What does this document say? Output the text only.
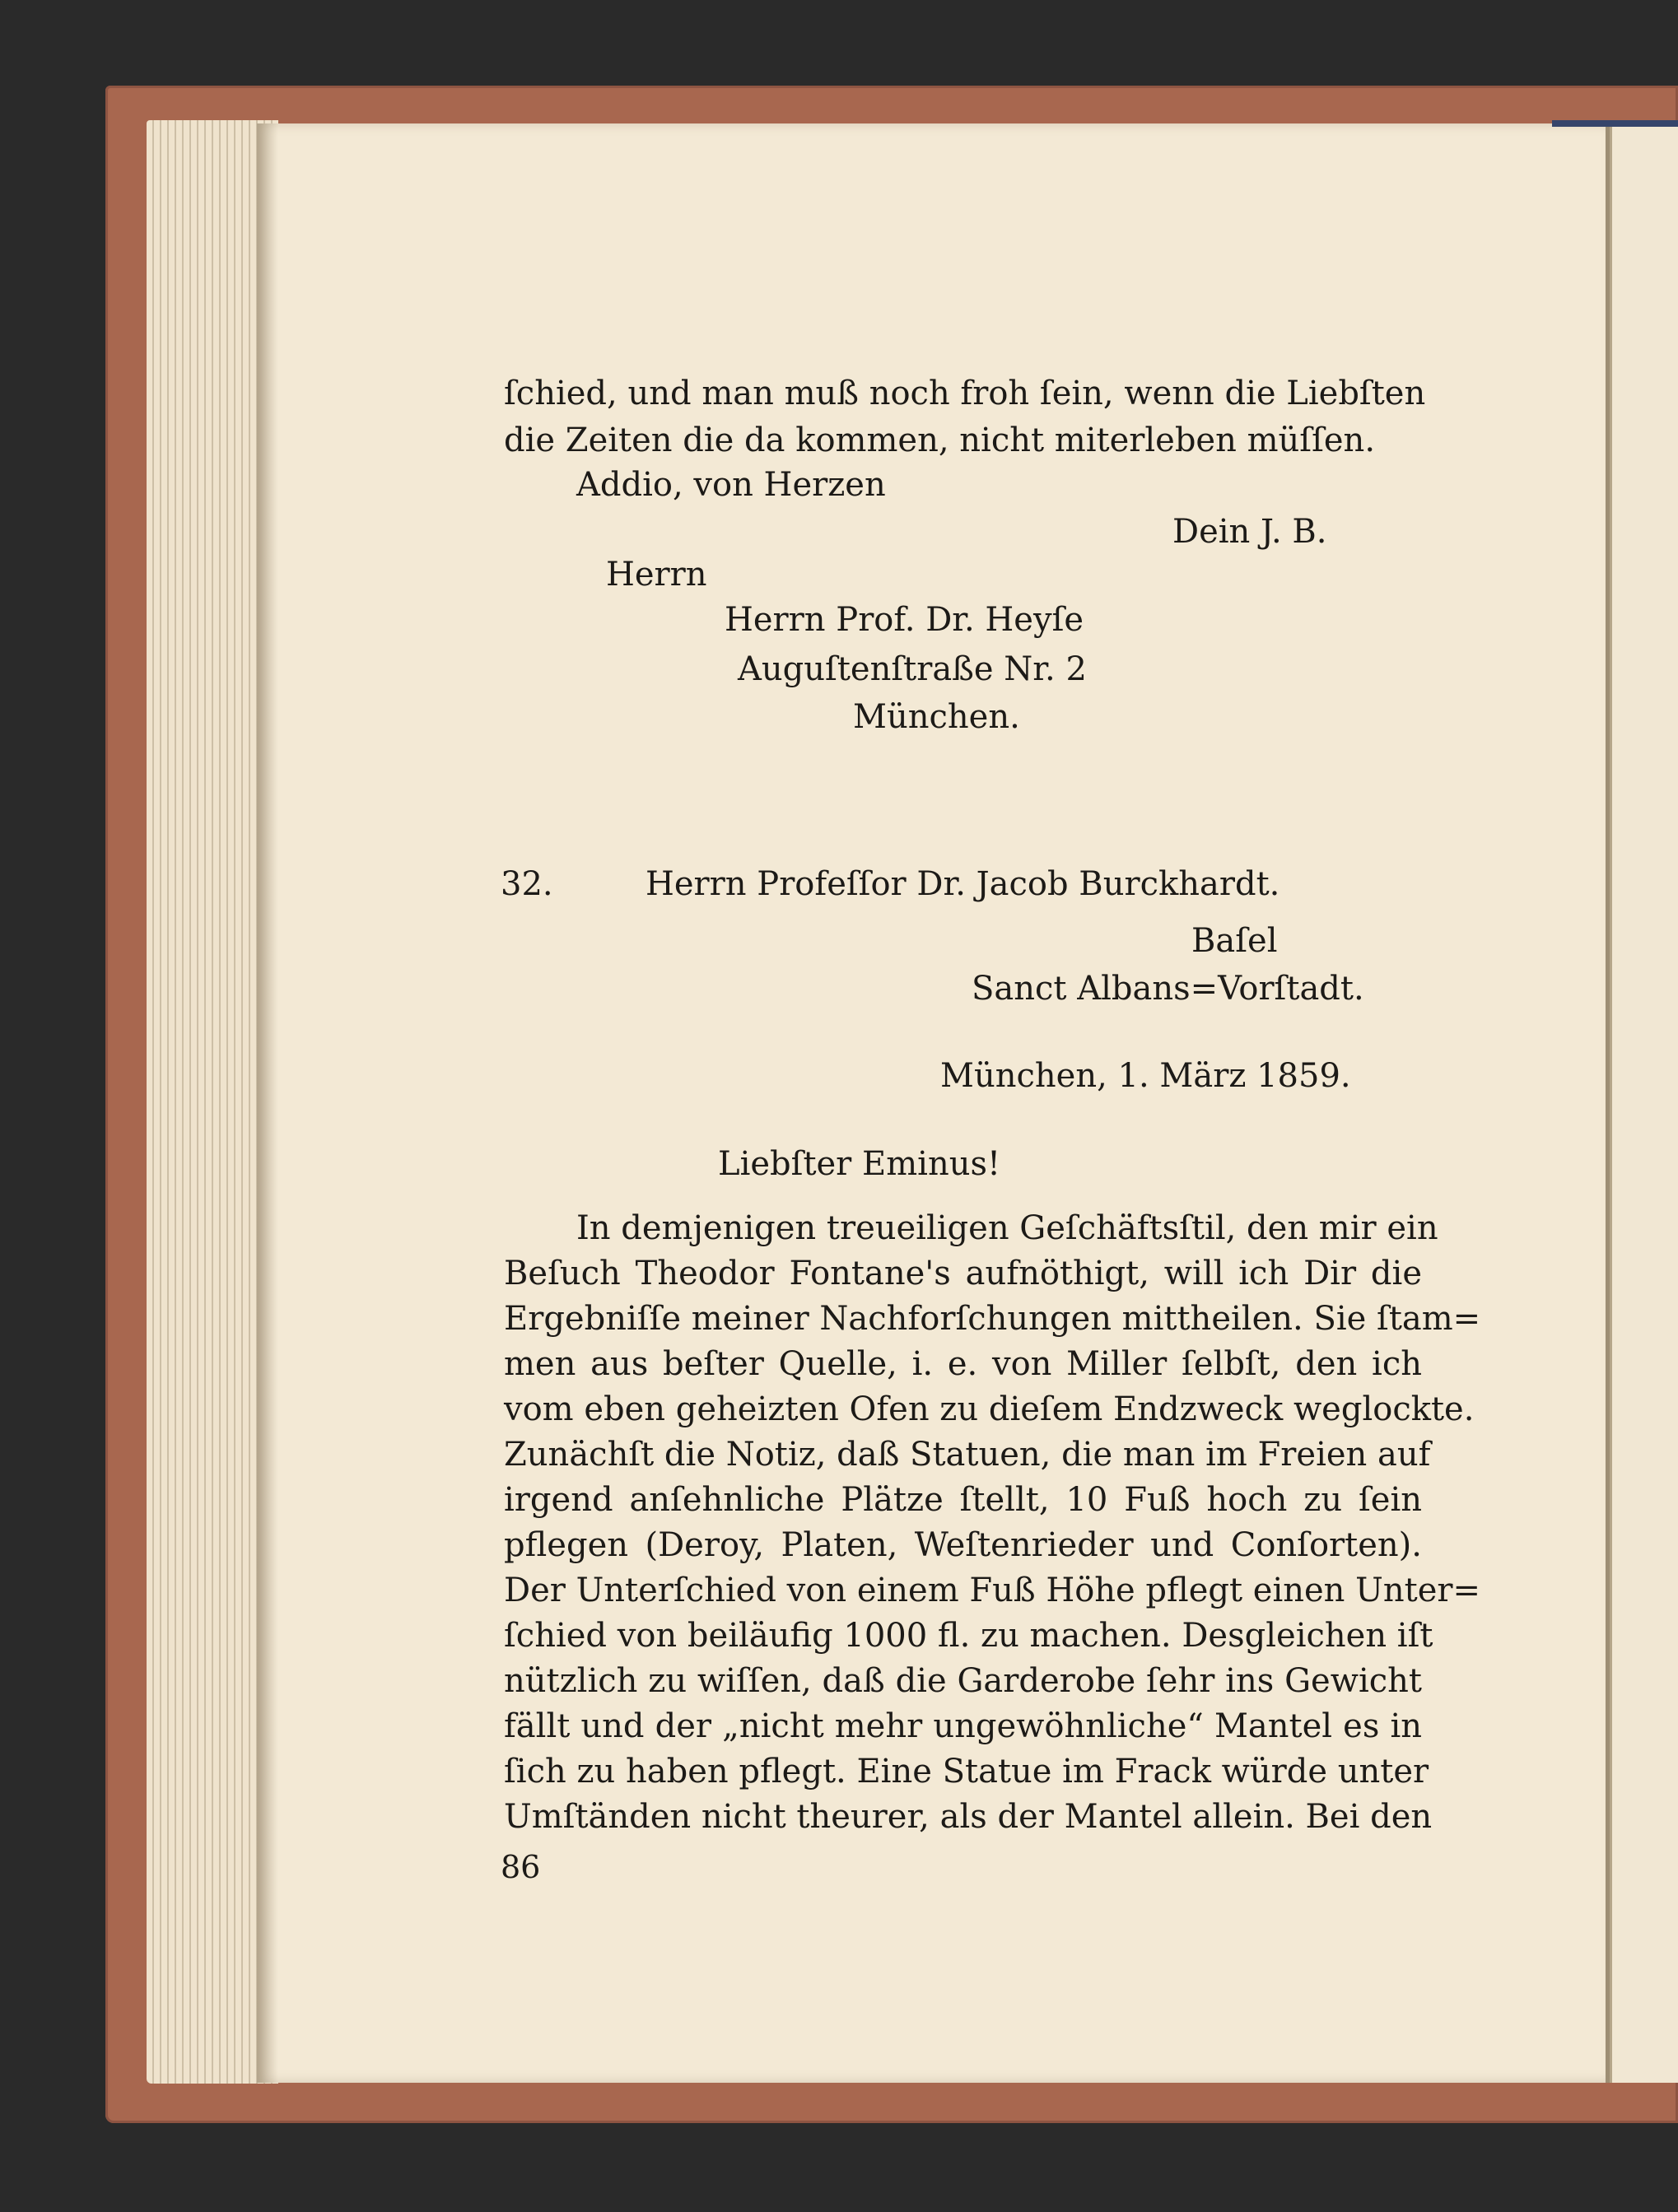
ſchied, und man muß noch froh ſein, wenn die Liebſten
die Zeiten die da kommen, nicht miterleben müſſen.
Addio, von Herzen
Dein J. B.
Herrn
Herrn Prof. Dr. Heyſe
Auguſtenſtraße Nr. 2
München.
32.	Herrn Profeſſor Dr. Jacob Burckhardt.
Baſel
Sanct Albans=Vorſtadt.
München, 1. März 1859.
Liebſter Eminus!
In demjenigen treueiligen Geſchäftsſtil, den mir ein
Beſuch Theodor Fontane's aufnöthigt, will ich Dir die
Ergebniſſe meiner Nachforſchungen mittheilen. Sie ſtam=
men aus beſter Quelle, i. e. von Miller ſelbſt, den ich
vom eben geheizten Ofen zu dieſem Endzweck weglockte.
Zunächſt die Notiz, daß Statuen, die man im Freien auf
irgend anſehnliche Plätze ſtellt, 10 Fuß hoch zu ſein
pflegen (Deroy, Platen, Weſtenrieder und Conſorten).
Der Unterſchied von einem Fuß Höhe pflegt einen Unter=
ſchied von beiläufig 1000 fl. zu machen. Desgleichen iſt
nützlich zu wiſſen, daß die Garderobe ſehr ins Gewicht
fällt und der „nicht mehr ungewöhnliche“ Mantel es in
ſich zu haben pflegt. Eine Statue im Frack würde unter
Umſtänden nicht theurer, als der Mantel allein. Bei den
86
